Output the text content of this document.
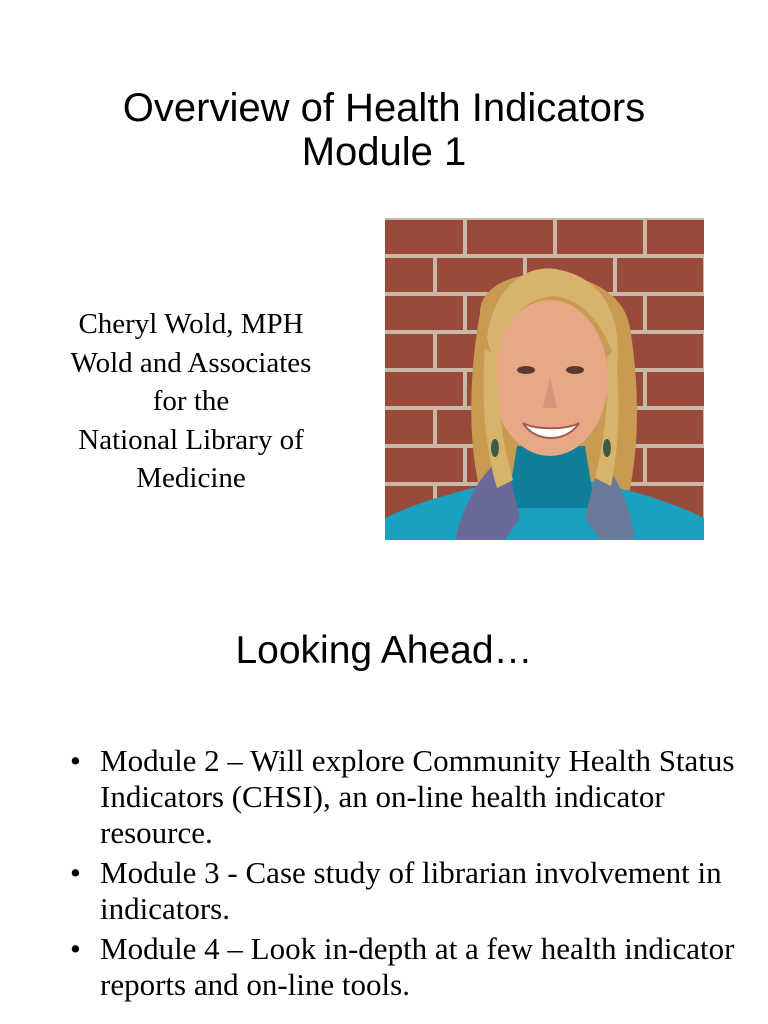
Overview of Health Indicators
Module 1
Cheryl Wold, MPH
Wold and Associates
for the
National Library of
Medicine
Looking Ahead…
• Module 2 – Will explore Community Health Status Indicators (CHSI), an on-line health indicator resource.
• Module 3 - Case study of librarian involvement in indicators.
• Module 4 – Look in-depth at a few health indicator reports and on-line tools.
